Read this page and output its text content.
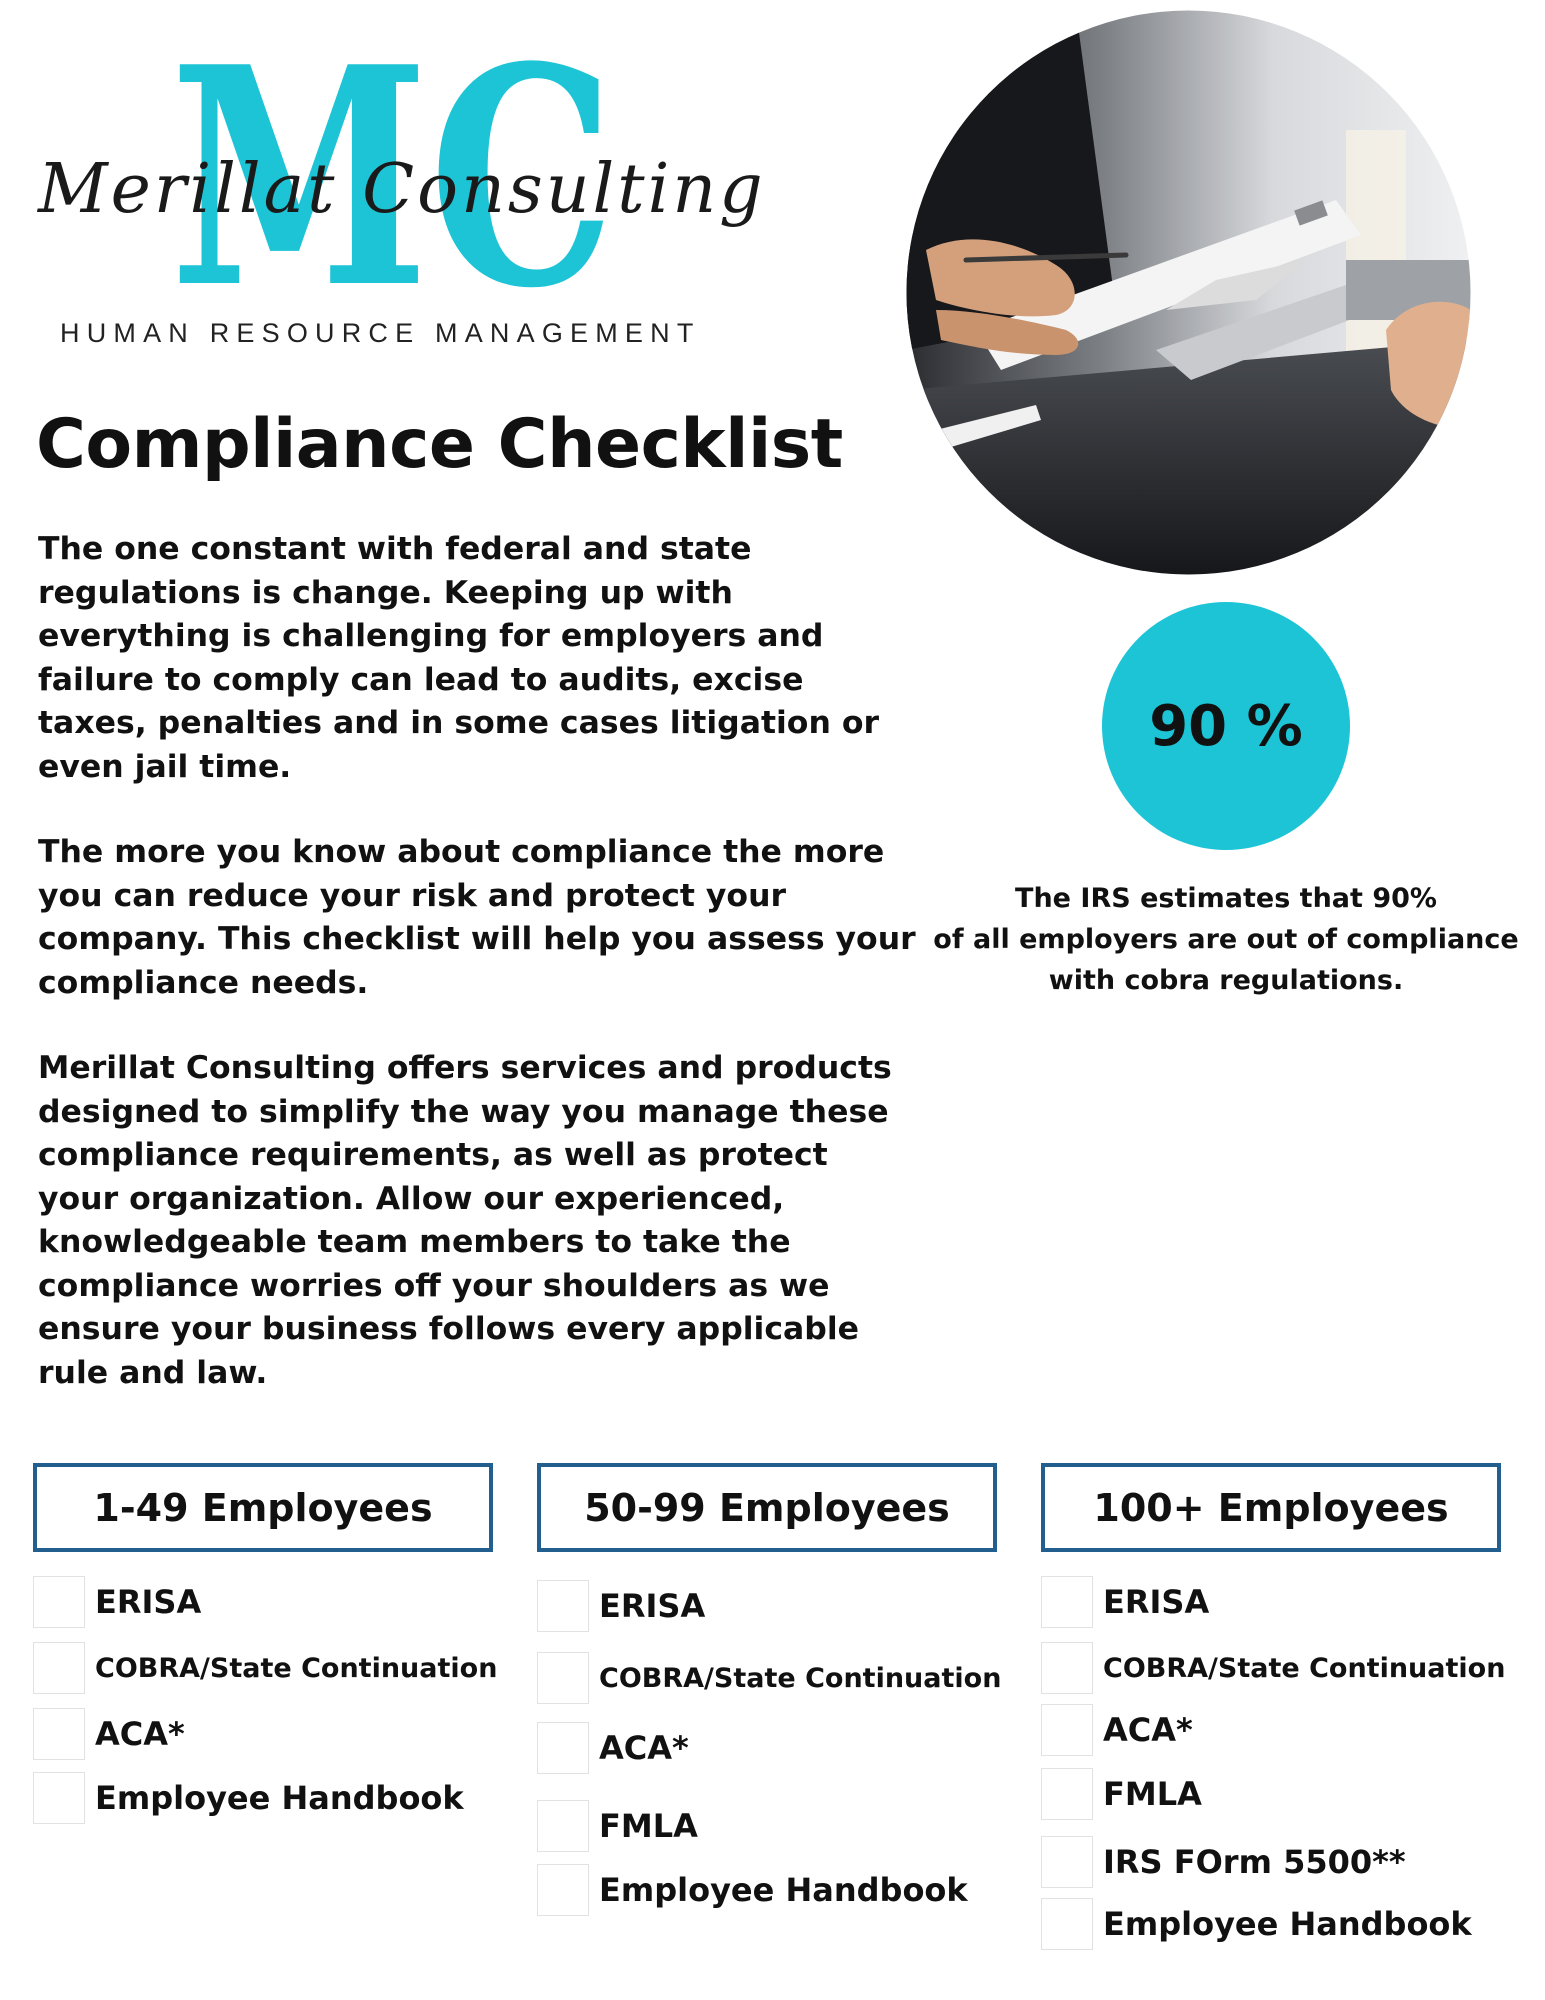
MC
Merillat Consulting
HUMAN RESOURCE MANAGEMENT
Compliance Checklist
The one constant with federal and state regulations is change. Keeping up with everything is challenging for employers and failure to comply can lead to audits, excise taxes, penalties and in some cases litigation or even jail time.
The more you know about compliance the more you can reduce your risk and protect your company. This checklist will help you assess your compliance needs.
Merillat Consulting offers services and products designed to simplify the way you manage these compliance requirements, as well as protect your organization. Allow our experienced, knowledgeable team members to take the compliance worries off your shoulders as we ensure your business follows every applicable rule and law.
90 %
The IRS estimates that 90%
of all employers are out of compliance
with cobra regulations.
1-49 Employees	50-99 Employees	100+ Employees
ERISA
COBRA/State Continuation
ACA*
Employee Handbook
ERISA
COBRA/State Continuation
ACA*
FMLA
Employee Handbook
ERISA
COBRA/State Continuation
ACA*
FMLA
IRS FOrm 5500**
Employee Handbook
